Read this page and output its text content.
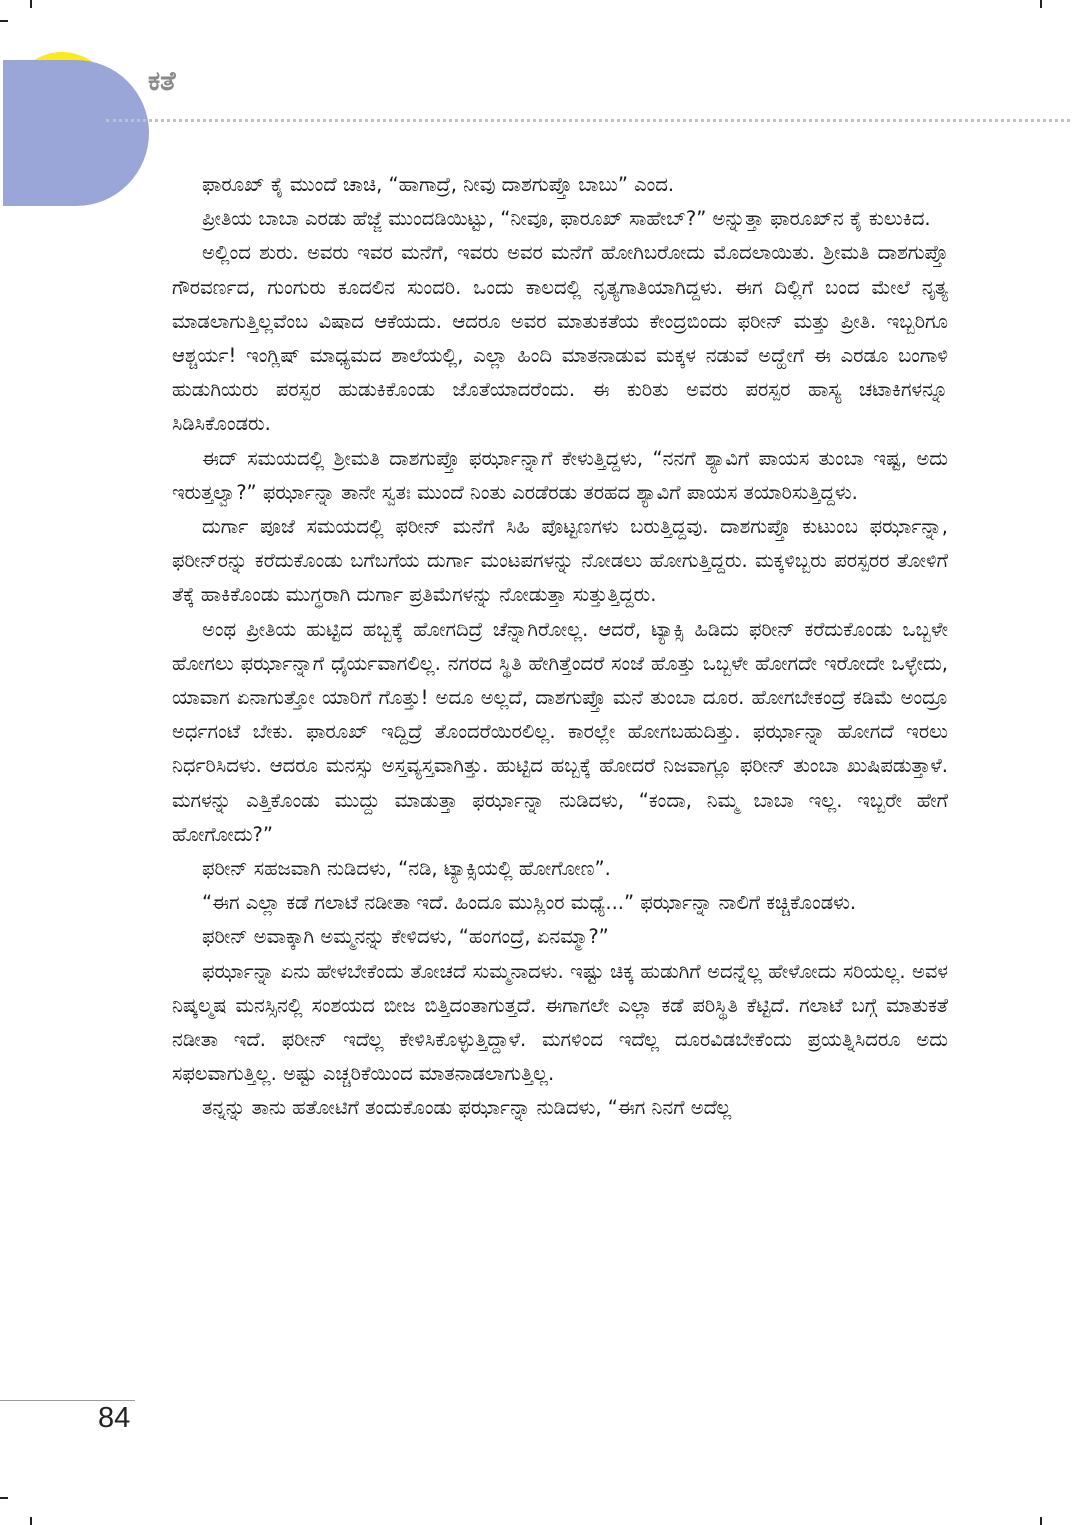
ಕತೆ

ಫಾರೂಖ್ ಕೈ ಮುಂದೆ ಚಾಚಿ, “ಹಾಗಾದ್ರೆ, ನೀವು ದಾಶಗುಪ್ತೊ ಬಾಬು” ಎಂದ.

ಪ್ರೀತಿಯ ಬಾಬಾ ಎರಡು ಹೆಜ್ಜೆ ಮುಂದಡಿಯಿಟ್ಟು, “ನೀವೂ, ಫಾರೂಖ್ ಸಾಹೇಬ್?” ಅನ್ನುತ್ತಾ ಫಾರೂಖ್‌ನ ಕೈ ಕುಲುಕಿದ.

ಅಲ್ಲಿಂದ ಶುರು. ಅವರು ಇವರ ಮನೆಗೆ, ಇವರು ಅವರ ಮನೆಗೆ ಹೋಗಿಬರೋದು ಮೊದಲಾಯಿತು. ಶ್ರೀಮತಿ ದಾಶಗುಪ್ತೊ ಗೌರವರ್ಣದ, ಗುಂಗುರು ಕೂದಲಿನ ಸುಂದರಿ. ಒಂದು ಕಾಲದಲ್ಲಿ ನೃತ್ಯಗಾತಿಯಾಗಿದ್ದಳು. ಈಗ ದಿಲ್ಲಿಗೆ ಬಂದ ಮೇಲೆ ನೃತ್ಯ ಮಾಡಲಾಗುತ್ತಿಲ್ಲವೆಂಬ ವಿಷಾದ ಆಕೆಯದು. ಆದರೂ ಅವರ ಮಾತುಕತೆಯ ಕೇಂದ್ರಬಿಂದು ಫರೀನ್ ಮತ್ತು ಪ್ರೀತಿ. ಇಬ್ಬರಿಗೂ ಆಶ್ಚರ್ಯ! ಇಂಗ್ಲಿಷ್ ಮಾಧ್ಯಮದ ಶಾಲೆಯಲ್ಲಿ, ಎಲ್ಲಾ ಹಿಂದಿ ಮಾತನಾಡುವ ಮಕ್ಕಳ ನಡುವೆ ಅದ್ಹೇಗೆ ಈ ಎರಡೂ ಬಂಗಾಳಿ ಹುಡುಗಿಯರು ಪರಸ್ಪರ ಹುಡುಕಿಕೊಂಡು ಜೊತೆಯಾದರೆಂದು. ಈ ಕುರಿತು ಅವರು ಪರಸ್ಪರ ಹಾಸ್ಯ ಚಟಾಕಿಗಳನ್ನೂ ಸಿಡಿಸಿಕೊಂಡರು.

ಈದ್ ಸಮಯದಲ್ಲಿ ಶ್ರೀಮತಿ ದಾಶಗುಪ್ತೊ ಫರ್ಝಾನ್ನಾಗೆ ಕೇಳುತ್ತಿದ್ದಳು, “ನನಗೆ ಶ್ಯಾವಿಗೆ ಪಾಯಸ ತುಂಬಾ ಇಷ್ಟ, ಅದು ಇರುತ್ತಲ್ವಾ?” ಫರ್ಝಾನ್ನಾ ತಾನೇ ಸ್ವತಃ ಮುಂದೆ ನಿಂತು ಎರಡೆರಡು ತರಹದ ಶ್ಯಾವಿಗೆ ಪಾಯಸ ತಯಾರಿಸುತ್ತಿದ್ದಳು.

ದುರ್ಗಾ ಪೂಜೆ ಸಮಯದಲ್ಲಿ ಫರೀನ್ ಮನೆಗೆ ಸಿಹಿ ಪೊಟ್ಟಣಗಳು ಬರುತ್ತಿದ್ದವು. ದಾಶಗುಪ್ತೊ ಕುಟುಂಬ ಫರ್ಝಾನ್ನಾ, ಫರೀನ್‌ರನ್ನು ಕರೆದುಕೊಂಡು ಬಗೆಬಗೆಯ ದುರ್ಗಾ ಮಂಟಪಗಳನ್ನು ನೋಡಲು ಹೋಗುತ್ತಿದ್ದರು. ಮಕ್ಕಳಿಬ್ಬರು ಪರಸ್ಪರರ ತೋಳಿಗೆ ತೆಕ್ಕೆ ಹಾಕಿಕೊಂಡು ಮುಗ್ಧರಾಗಿ ದುರ್ಗಾ ಪ್ರತಿಮೆಗಳನ್ನು ನೋಡುತ್ತಾ ಸುತ್ತುತ್ತಿದ್ದರು.

ಅಂಥ ಪ್ರೀತಿಯ ಹುಟ್ಟಿದ ಹಬ್ಬಕ್ಕೆ ಹೋಗದಿದ್ರೆ ಚೆನ್ನಾಗಿರೋಲ್ಲ. ಆದರೆ, ಟ್ಯಾಕ್ಸಿ ಹಿಡಿದು ಫರೀನ್ ಕರೆದುಕೊಂಡು ಒಬ್ಬಳೇ ಹೋಗಲು ಫರ್ಝಾನ್ನಾಗೆ ಧೈರ್ಯವಾಗಲಿಲ್ಲ. ನಗರದ ಸ್ಥಿತಿ ಹೇಗಿತ್ತೆಂದರೆ ಸಂಜೆ ಹೊತ್ತು ಒಬ್ಬಳೇ ಹೋಗದೇ ಇರೋದೇ ಒಳ್ಳೇದು, ಯಾವಾಗ ಏನಾಗುತ್ತೋ ಯಾರಿಗೆ ಗೊತ್ತು! ಅದೂ ಅಲ್ಲದೆ, ದಾಶಗುಪ್ತೊ ಮನೆ ತುಂಬಾ ದೂರ. ಹೋಗಬೇಕಂದ್ರೆ ಕಡಿಮೆ ಅಂದ್ರೂ ಅರ್ಧಗಂಟೆ ಬೇಕು. ಫಾರೂಖ್ ಇದ್ದಿದ್ರೆ ತೊಂದರೆಯಿರಲಿಲ್ಲ. ಕಾರಲ್ಲೇ ಹೋಗಬಹುದಿತ್ತು. ಫರ್ಝಾನ್ನಾ ಹೋಗದೆ ಇರಲು ನಿರ್ಧರಿಸಿದಳು. ಆದರೂ ಮನಸ್ಸು ಅಸ್ತವ್ಯಸ್ತವಾಗಿತ್ತು. ಹುಟ್ಟಿದ ಹಬ್ಬಕ್ಕೆ ಹೋದರೆ ನಿಜವಾಗ್ಲೂ ಫರೀನ್ ತುಂಬಾ ಖುಷಿಪಡುತ್ತಾಳೆ. ಮಗಳನ್ನು ಎತ್ತಿಕೊಂಡು ಮುದ್ದು ಮಾಡುತ್ತಾ ಫರ್ಝಾನ್ನಾ ನುಡಿದಳು, “ಕಂದಾ, ನಿಮ್ಮ ಬಾಬಾ ಇಲ್ಲ. ಇಬ್ಬರೇ ಹೇಗೆ ಹೋಗೋದು?”

ಫರೀನ್ ಸಹಜವಾಗಿ ನುಡಿದಳು, “ನಡಿ, ಟ್ಯಾಕ್ಸಿಯಲ್ಲಿ ಹೋಗೋಣ”.

“ಈಗ ಎಲ್ಲಾ ಕಡೆ ಗಲಾಟೆ ನಡೀತಾ ಇದೆ. ಹಿಂದೂ ಮುಸ್ಲಿಂರ ಮಧ್ಯೆ...” ಫರ್ಝಾನ್ನಾ ನಾಲಿಗೆ ಕಚ್ಚಿಕೊಂಡಳು.

ಫರೀನ್ ಅವಾಕ್ಕಾಗಿ ಅಮ್ಮನನ್ನು ಕೇಳಿದಳು, “ಹಂಗಂದ್ರೆ, ಏನಮ್ಮಾ?”

ಫರ್ಝಾನ್ನಾ ಏನು ಹೇಳಬೇಕೆಂದು ತೋಚದೆ ಸುಮ್ಮನಾದಳು. ಇಷ್ಟು ಚಿಕ್ಕ ಹುಡುಗಿಗೆ ಅದನ್ನೆಲ್ಲ ಹೇಳೋದು ಸರಿಯಲ್ಲ. ಅವಳ ನಿಷ್ಕಲ್ಮಷ ಮನಸ್ಸಿನಲ್ಲಿ ಸಂಶಯದ ಬೀಜ ಬಿತ್ತಿದಂತಾಗುತ್ತದೆ. ಈಗಾಗಲೇ ಎಲ್ಲಾ ಕಡೆ ಪರಿಸ್ಥಿತಿ ಕೆಟ್ಟಿದೆ. ಗಲಾಟೆ ಬಗ್ಗೆ ಮಾತುಕತೆ ನಡೀತಾ ಇದೆ. ಫರೀನ್ ಇದೆಲ್ಲ ಕೇಳಿಸಿಕೊಳ್ಳುತ್ತಿದ್ದಾಳೆ. ಮಗಳಿಂದ ಇದೆಲ್ಲ ದೂರವಿಡಬೇಕೆಂದು ಪ್ರಯತ್ನಿಸಿದರೂ ಅದು ಸಫಲವಾಗುತ್ತಿಲ್ಲ. ಅಷ್ಟು ಎಚ್ಚರಿಕೆಯಿಂದ ಮಾತನಾಡಲಾಗುತ್ತಿಲ್ಲ.

ತನ್ನನ್ನು ತಾನು ಹತೋಟಿಗೆ ತಂದುಕೊಂಡು ಫರ್ಝಾನ್ನಾ ನುಡಿದಳು, “ಈಗ ನಿನಗೆ ಅದೆಲ್ಲ

84
